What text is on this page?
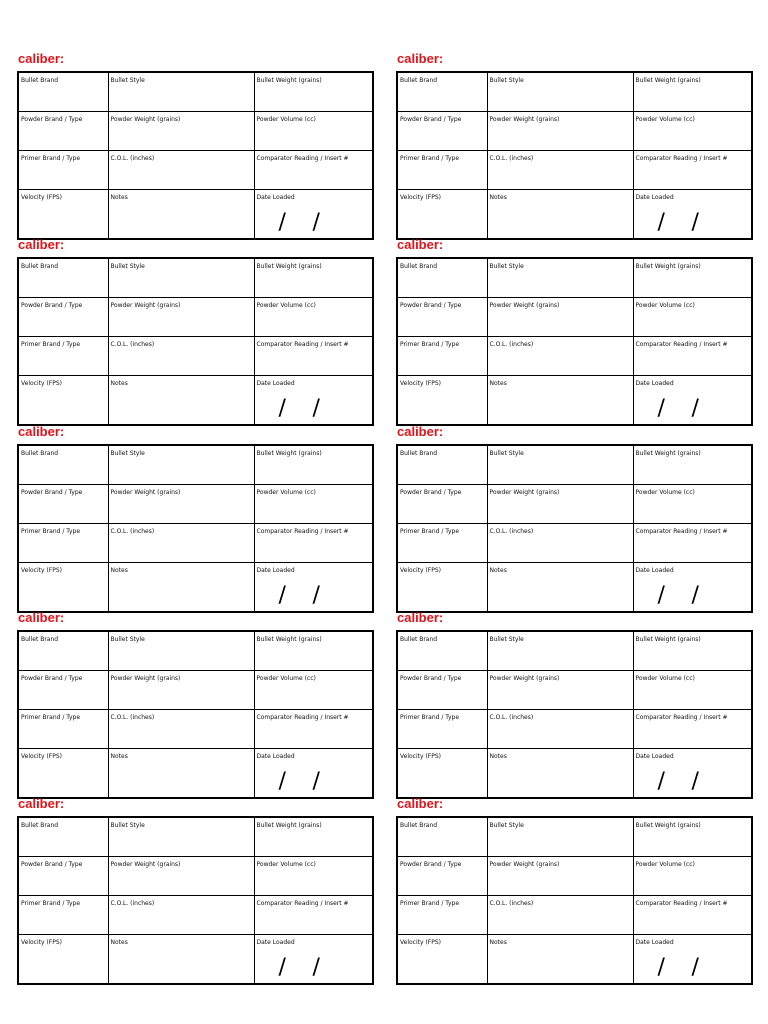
caliber:
Bullet Brand	Bullet Style	Bullet Weight (grains)
Powder Brand / Type	Powder Weight (grains)	Powder Volume (cc)
Primer Brand / Type	C.O.L. (inches)	Comparator Reading / Insert #
Velocity (FPS)	Notes	Date Loaded
/ /
caliber:
Bullet Brand	Bullet Style	Bullet Weight (grains)
Powder Brand / Type	Powder Weight (grains)	Powder Volume (cc)
Primer Brand / Type	C.O.L. (inches)	Comparator Reading / Insert #
Velocity (FPS)	Notes	Date Loaded
/ /
caliber:
Bullet Brand	Bullet Style	Bullet Weight (grains)
Powder Brand / Type	Powder Weight (grains)	Powder Volume (cc)
Primer Brand / Type	C.O.L. (inches)	Comparator Reading / Insert #
Velocity (FPS)	Notes	Date Loaded
/ /
caliber:
Bullet Brand	Bullet Style	Bullet Weight (grains)
Powder Brand / Type	Powder Weight (grains)	Powder Volume (cc)
Primer Brand / Type	C.O.L. (inches)	Comparator Reading / Insert #
Velocity (FPS)	Notes	Date Loaded
/ /
caliber:
Bullet Brand	Bullet Style	Bullet Weight (grains)
Powder Brand / Type	Powder Weight (grains)	Powder Volume (cc)
Primer Brand / Type	C.O.L. (inches)	Comparator Reading / Insert #
Velocity (FPS)	Notes	Date Loaded
/ /
caliber:
Bullet Brand	Bullet Style	Bullet Weight (grains)
Powder Brand / Type	Powder Weight (grains)	Powder Volume (cc)
Primer Brand / Type	C.O.L. (inches)	Comparator Reading / Insert #
Velocity (FPS)	Notes	Date Loaded
/ /
caliber:
Bullet Brand	Bullet Style	Bullet Weight (grains)
Powder Brand / Type	Powder Weight (grains)	Powder Volume (cc)
Primer Brand / Type	C.O.L. (inches)	Comparator Reading / Insert #
Velocity (FPS)	Notes	Date Loaded
/ /
caliber:
Bullet Brand	Bullet Style	Bullet Weight (grains)
Powder Brand / Type	Powder Weight (grains)	Powder Volume (cc)
Primer Brand / Type	C.O.L. (inches)	Comparator Reading / Insert #
Velocity (FPS)	Notes	Date Loaded
/ /
caliber:
Bullet Brand	Bullet Style	Bullet Weight (grains)
Powder Brand / Type	Powder Weight (grains)	Powder Volume (cc)
Primer Brand / Type	C.O.L. (inches)	Comparator Reading / Insert #
Velocity (FPS)	Notes	Date Loaded
/ /
caliber:
Bullet Brand	Bullet Style	Bullet Weight (grains)
Powder Brand / Type	Powder Weight (grains)	Powder Volume (cc)
Primer Brand / Type	C.O.L. (inches)	Comparator Reading / Insert #
Velocity (FPS)	Notes	Date Loaded
/ /
